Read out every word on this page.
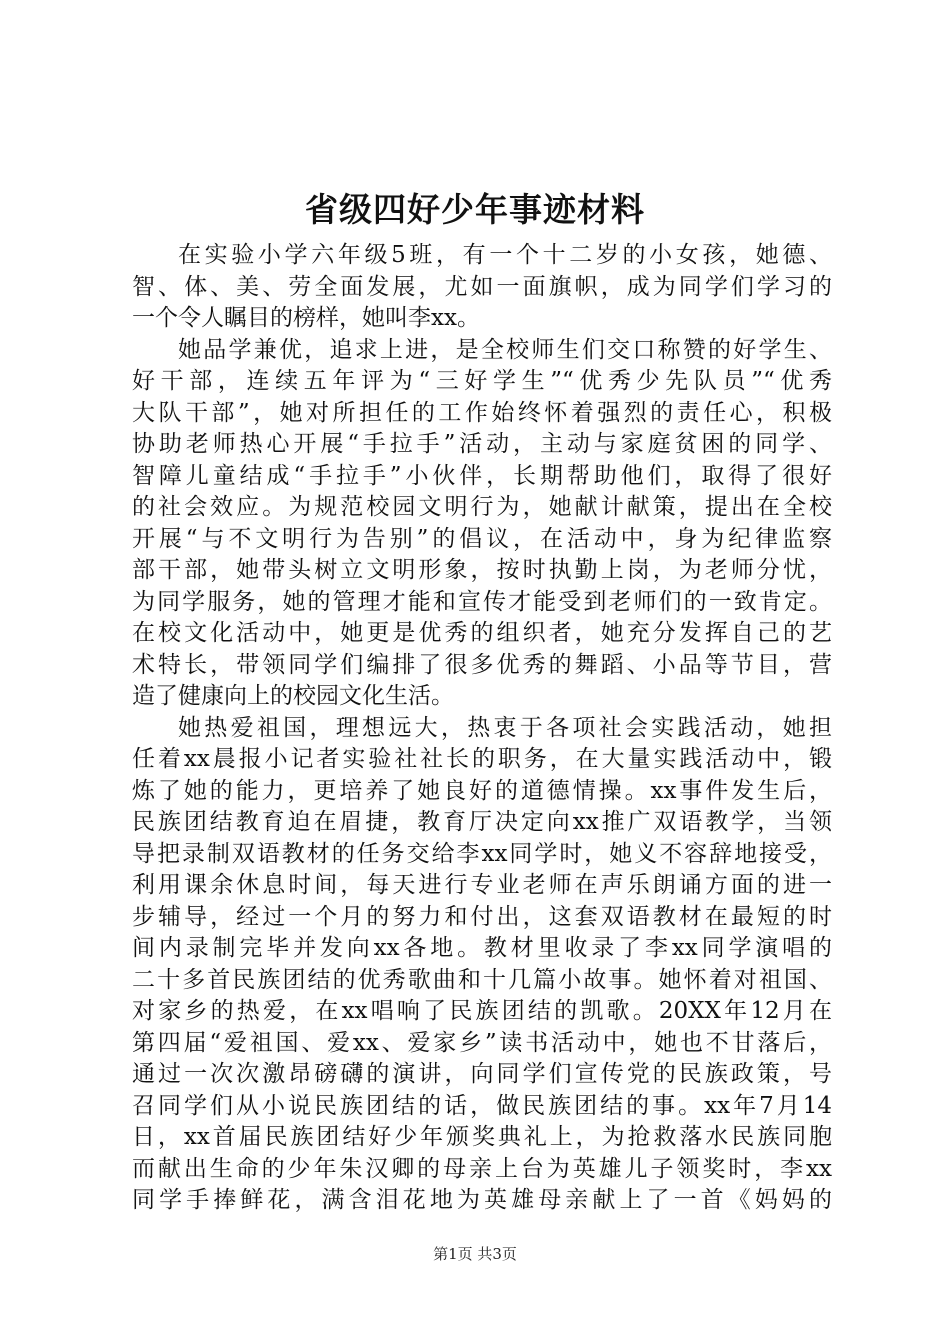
省级四好少年事迹材料
在实验小学六年级5班，有一个十二岁的小女孩，她德、
智、体、美、劳全面发展，尤如一面旗帜，成为同学们学习的
一个令人瞩目的榜样，她叫李xx。
她品学兼优，追求上进，是全校师生们交口称赞的好学生、
好干部，连续五年评为“三好学生”“优秀少先队员”“优秀
大队干部”，她对所担任的工作始终怀着强烈的责任心，积极
协助老师热心开展“手拉手”活动，主动与家庭贫困的同学、
智障儿童结成“手拉手”小伙伴，长期帮助他们，取得了很好
的社会效应。为规范校园文明行为，她献计献策，提出在全校
开展“与不文明行为告别”的倡议，在活动中，身为纪律监察
部干部，她带头树立文明形象，按时执勤上岗，为老师分忧，
为同学服务，她的管理才能和宣传才能受到老师们的一致肯定。
在校文化活动中，她更是优秀的组织者，她充分发挥自己的艺
术特长，带领同学们编排了很多优秀的舞蹈、小品等节目，营
造了健康向上的校园文化生活。
她热爱祖国，理想远大，热衷于各项社会实践活动，她担
任着xx晨报小记者实验社社长的职务，在大量实践活动中，锻
炼了她的能力，更培养了她良好的道德情操。xx事件发生后，
民族团结教育迫在眉捷，教育厅决定向xx推广双语教学，当领
导把录制双语教材的任务交给李xx同学时，她义不容辞地接受，
利用课余休息时间，每天进行专业老师在声乐朗诵方面的进一
步辅导，经过一个月的努力和付出，这套双语教材在最短的时
间内录制完毕并发向xx各地。教材里收录了李xx同学演唱的
二十多首民族团结的优秀歌曲和十几篇小故事。她怀着对祖国、
对家乡的热爱，在xx唱响了民族团结的凯歌。20XX年12月在
第四届“爱祖国、爱xx、爱家乡”读书活动中，她也不甘落后，
通过一次次激昂磅礴的演讲，向同学们宣传党的民族政策，号
召同学们从小说民族团结的话，做民族团结的事。xx年7月14
日，xx首届民族团结好少年颁奖典礼上，为抢救落水民族同胞
而献出生命的少年朱汉卿的母亲上台为英雄儿子领奖时，李xx
同学手捧鲜花，满含泪花地为英雄母亲献上了一首《妈妈的
第1页 共3页
